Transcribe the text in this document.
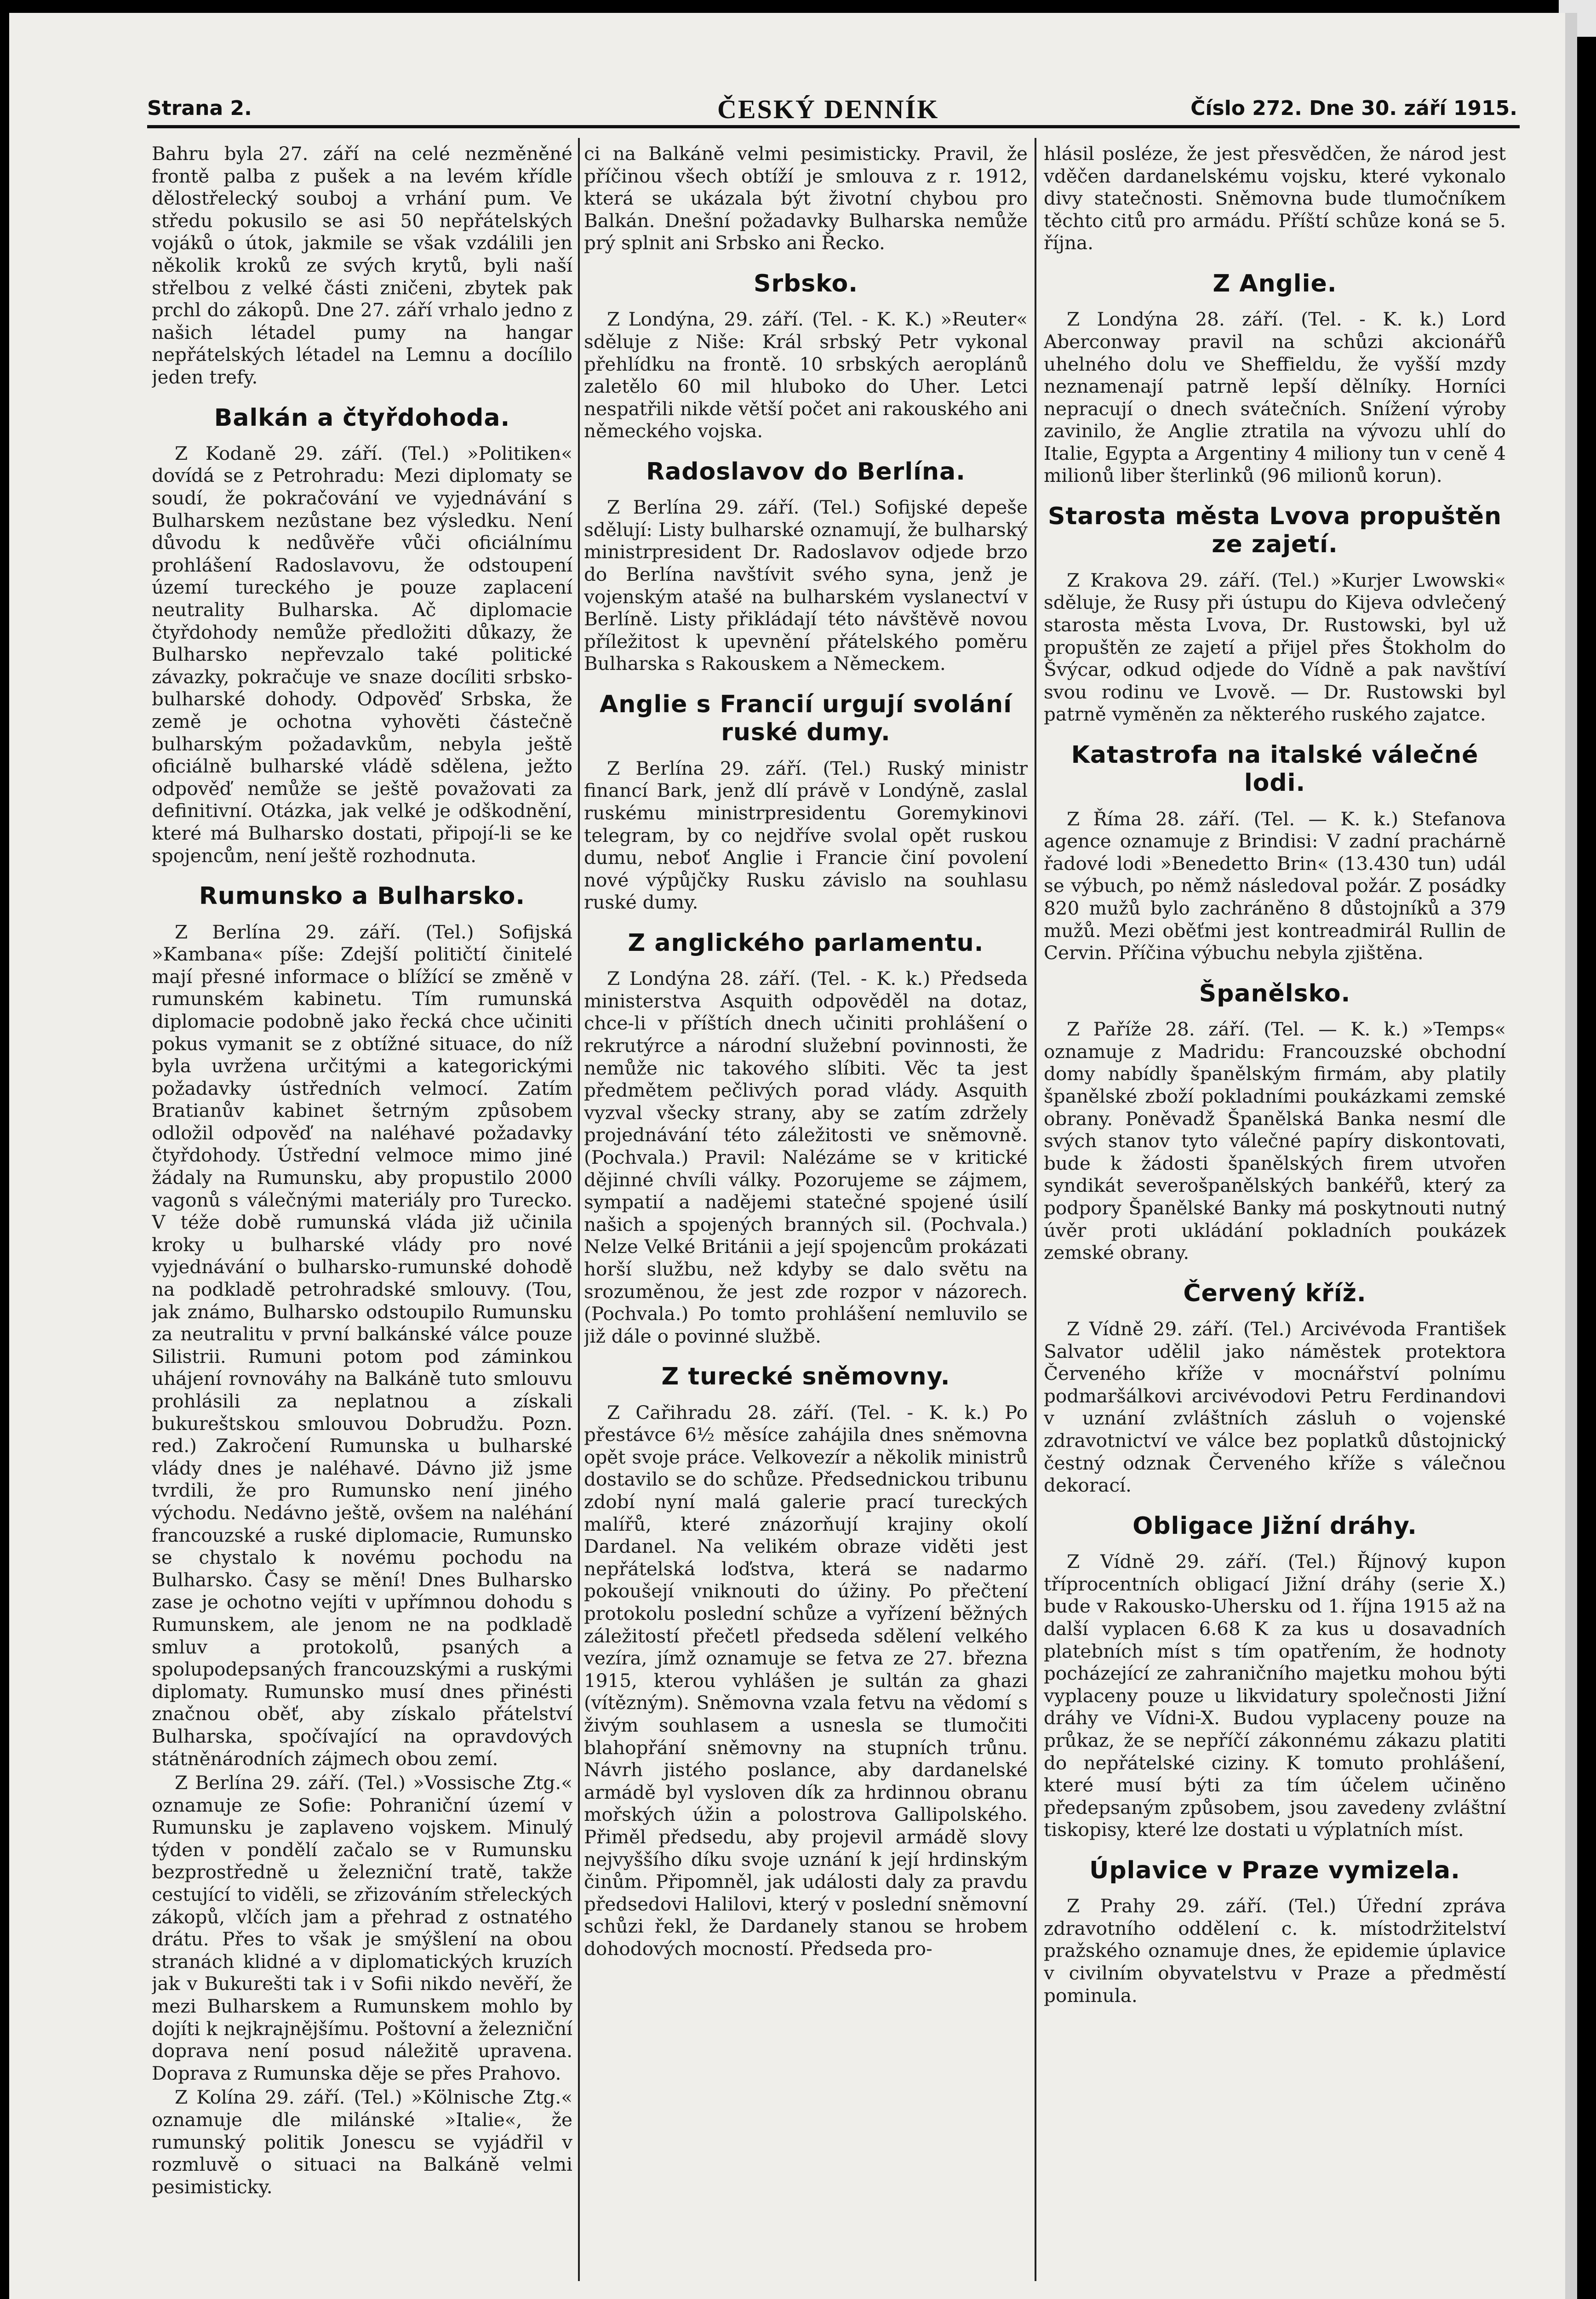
Strana 2.	ČESKÝ DENNÍK	Číslo 272. Dne 30. září 1915.

Bahru byla 27. září na celé nezměněné frontě palba z pušek a na levém křídle dělostřelecký souboj a vrhání pum. Ve středu pokusilo se asi 50 nepřátelských vojáků o útok, jakmile se však vzdálili jen několik kroků ze svých krytů, byli naší střelbou z velké části zničeni, zbytek pak prchl do zákopů. Dne 27. září vrhalo jedno z našich létadel pumy na hangar nepřátelských létadel na Lemnu a docílilo jeden trefy.

Balkán a čtyřdohoda.

Z Kodaně 29. září. (Tel.) »Politiken« dovídá se z Petrohradu: Mezi diplomaty se soudí, že pokračování ve vyjednávání s Bulharskem nezůstane bez výsledku. Není důvodu k nedůvěře vůči oficiálnímu prohlášení Radoslavovu, že odstoupení území tureckého je pouze zaplacení neutrality Bulharska. Ač diplomacie čtyřdohody nemůže předložiti důkazy, že Bulharsko nepřevzalo také politické závazky, pokračuje ve snaze docíliti srbsko-bulharské dohody. Odpověď Srbska, že země je ochotna vyhověti částečně bulharským požadavkům, nebyla ještě oficiálně bulharské vládě sdělena, ježto odpověď nemůže se ještě považovati za definitivní. Otázka, jak velké je odškodnění, které má Bulharsko dostati, připojí-li se ke spojencům, není ještě rozhodnuta.

Rumunsko a Bulharsko.

Z Berlína 29. září. (Tel.) Sofijská »Kambana« píše: Zdejší političtí činitelé mají přesné informace o blížící se změně v rumunském kabinetu. Tím rumunská diplomacie podobně jako řecká chce učiniti pokus vymanit se z obtížné situace, do níž byla uvržena určitými a kategorickými požadavky ústředních velmocí. Zatím Bratianův kabinet šetrným způsobem odložil odpověď na naléhavé požadavky čtyřdohody. Ústřední velmoce mimo jiné žádaly na Rumunsku, aby propustilo 2000 vagonů s válečnými materiály pro Turecko. V téže době rumunská vláda již učinila kroky u bulharské vlády pro nové vyjednávání o bulharsko-rumunské dohodě na podkladě petrohradské smlouvy. (Tou, jak známo, Bulharsko odstoupilo Rumunsku za neutralitu v první balkánské válce pouze Silistrii. Rumuni potom pod záminkou uhájení rovnováhy na Balkáně tuto smlouvu prohlásili za neplatnou a získali bukureštskou smlouvou Dobrudžu. Pozn. red.) Zakročení Rumunska u bulharské vlády dnes je naléhavé. Dávno již jsme tvrdili, že pro Rumunsko není jiného východu. Nedávno ještě, ovšem na naléhání francouzské a ruské diplomacie, Rumunsko se chystalo k novému pochodu na Bulharsko. Časy se mění! Dnes Bulharsko zase je ochotno vejíti v upřímnou dohodu s Rumunskem, ale jenom ne na podkladě smluv a protokolů, psaných a spolupodepsaných francouzskými a ruskými diplomaty. Rumunsko musí dnes přinésti značnou oběť, aby získalo přátelství Bulharska, spočívající na opravdových státněnárodních zájmech obou zemí.

Z Berlína 29. září. (Tel.) »Vossische Ztg.« oznamuje ze Sofie: Pohraniční území v Rumunsku je zaplaveno vojskem. Minulý týden v pondělí začalo se v Rumunsku bezprostředně u železniční tratě, takže cestující to viděli, se zřizováním střeleckých zákopů, vlčích jam a přehrad z ostnatého drátu. Přes to však je smýšlení na obou stranách klidné a v diplomatických kruzích jak v Bukurešti tak i v Sofii nikdo nevěří, že mezi Bulharskem a Rumunskem mohlo by dojíti k nejkrajnějšímu. Poštovní a železniční doprava není posud náležitě upravena. Doprava z Rumunska děje se přes Prahovo.

Z Kolína 29. září. (Tel.) »Kölnische Ztg.« oznamuje dle milánské »Italie«, že rumunský politik Jonescu se vyjádřil v rozmluvě o situaci na Balkáně velmi pesimisticky.

ci na Balkáně velmi pesimisticky. Pravil, že příčinou všech obtíží je smlouva z r. 1912, která se ukázala být životní chybou pro Balkán. Dnešní požadavky Bulharska nemůže prý splnit ani Srbsko ani Řecko.

Srbsko.

Z Londýna, 29. září. (Tel. - K. K.) »Reuter« sděluje z Niše: Král srbský Petr vykonal přehlídku na frontě. 10 srbských aeroplánů zaletělo 60 mil hluboko do Uher. Letci nespatřili nikde větší počet ani rakouského ani německého vojska.

Radoslavov do Berlína.

Z Berlína 29. září. (Tel.) Sofijské depeše sdělují: Listy bulharské oznamují, že bulharský ministrpresident Dr. Radoslavov odjede brzo do Berlína navštívit svého syna, jenž je vojenským atašé na bulharském vyslanectví v Berlíně. Listy přikládají této návštěvě novou příležitost k upevnění přátelského poměru Bulharska s Rakouskem a Německem.

Anglie s Francií urgují svolání ruské dumy.

Z Berlína 29. září. (Tel.) Ruský ministr financí Bark, jenž dlí právě v Londýně, zaslal ruskému ministrpresidentu Goremykinovi telegram, by co nejdříve svolal opět ruskou dumu, neboť Anglie i Francie činí povolení nové výpůjčky Rusku závislo na souhlasu ruské dumy.

Z anglického parlamentu.

Z Londýna 28. září. (Tel. - K. k.) Předseda ministerstva Asquith odpověděl na dotaz, chce-li v příštích dnech učiniti prohlášení o rekrutýrce a národní služební povinnosti, že nemůže nic takového slíbiti. Věc ta jest předmětem pečlivých porad vlády. Asquith vyzval všecky strany, aby se zatím zdržely projednávání této záležitosti ve sněmovně. (Pochvala.) Pravil: Nalézáme se v kritické dějinné chvíli války. Pozorujeme se zájmem, sympatií a nadějemi statečné spojené úsilí našich a spojených branných sil. (Pochvala.) Nelze Velké Británii a její spojencům prokázati horší službu, než kdyby se dalo světu na srozuměnou, že jest zde rozpor v názorech. (Pochvala.) Po tomto prohlášení nemluvilo se již dále o povinné službě.

Z turecké sněmovny.

Z Cařihradu 28. září. (Tel. - K. k.) Po přestávce 6½ měsíce zahájila dnes sněmovna opět svoje práce. Velkovezír a několik ministrů dostavilo se do schůze. Předsednickou tribunu zdobí nyní malá galerie prací tureckých malířů, které znázorňují krajiny okolí Dardanel. Na velikém obraze viděti jest nepřátelská loďstva, která se nadarmo pokoušejí vniknouti do úžiny. Po přečtení protokolu poslední schůze a vyřízení běžných záležitostí přečetl předseda sdělení velkého vezíra, jímž oznamuje se fetva ze 27. března 1915, kterou vyhlášen je sultán za ghazi (vítězným). Sněmovna vzala fetvu na vědomí s živým souhlasem a usnesla se tlumočiti blahopřání sněmovny na stupních trůnu. Návrh jistého poslance, aby dardanelské armádě byl vysloven dík za hrdinnou obranu mořských úžin a polostrova Gallipolského. Přiměl předsedu, aby projevil armádě slovy nejvyššího díku svoje uznání k její hrdinským činům. Připomněl, jak události daly za pravdu předsedovi Halilovi, který v poslední sněmovní schůzi řekl, že Dardanely stanou se hrobem dohodových mocností. Předseda pro-

hlásil posléze, že jest přesvědčen, že národ jest vděčen dardanelskému vojsku, které vykonalo divy statečnosti. Sněmovna bude tlumočníkem těchto citů pro armádu. Příští schůze koná se 5. října.

Z Anglie.

Z Londýna 28. září. (Tel. - K. k.) Lord Aberconway pravil na schůzi akcionářů uhelného dolu ve Sheffieldu, že vyšší mzdy neznamenají patrně lepší dělníky. Horníci nepracují o dnech svátečních. Snížení výroby zavinilo, že Anglie ztratila na vývozu uhlí do Italie, Egypta a Argentiny 4 miliony tun v ceně 4 milionů liber šterlinků (96 milionů korun).

Starosta města Lvova propuštěn ze zajetí.

Z Krakova 29. září. (Tel.) »Kurjer Lwowski« sděluje, že Rusy při ústupu do Kijeva odvlečený starosta města Lvova, Dr. Rustowski, byl už propuštěn ze zajetí a přijel přes Štokholm do Švýcar, odkud odjede do Vídně a pak navštíví svou rodinu ve Lvově. — Dr. Rustowski byl patrně vyměněn za některého ruského zajatce.

Katastrofa na italské válečné lodi.

Z Říma 28. září. (Tel. — K. k.) Stefanova agence oznamuje z Brindisi: V zadní prachárně řadové lodi »Benedetto Brin« (13.430 tun) udál se výbuch, po němž následoval požár. Z posádky 820 mužů bylo zachráněno 8 důstojníků a 379 mužů. Mezi oběťmi jest kontreadmirál Rullin de Cervin. Příčina výbuchu nebyla zjištěna.

Španělsko.

Z Paříže 28. září. (Tel. — K. k.) »Temps« oznamuje z Madridu: Francouzské obchodní domy nabídly španělským firmám, aby platily španělské zboží pokladními poukázkami zemské obrany. Poněvadž Španělská Banka nesmí dle svých stanov tyto válečné papíry diskontovati, bude k žádosti španělských firem utvořen syndikát severošpanělských bankéřů, který za podpory Španělské Banky má poskytnouti nutný úvěr proti ukládání pokladních poukázek zemské obrany.

Červený kříž.

Z Vídně 29. září. (Tel.) Arcivévoda František Salvator udělil jako náměstek protektora Červeného kříže v mocnářství polnímu podmaršálkovi arcivévodovi Petru Ferdinandovi v uznání zvláštních zásluh o vojenské zdravotnictví ve válce bez poplatků důstojnický čestný odznak Červeného kříže s válečnou dekorací.

Obligace Jižní dráhy.

Z Vídně 29. září. (Tel.) Říjnový kupon tříprocentních obligací Jižní dráhy (serie X.) bude v Rakousko-Uhersku od 1. října 1915 až na další vyplacen 6.68 K za kus u dosavadních platebních míst s tím opatřením, že hodnoty pocházející ze zahraničního majetku mohou býti vyplaceny pouze u likvidatury společnosti Jižní dráhy ve Vídni-X. Budou vyplaceny pouze na průkaz, že se nepříčí zákonnému zákazu platiti do nepřátelské ciziny. K tomuto prohlášení, které musí býti za tím účelem učiněno předepsaným způsobem, jsou zavedeny zvláštní tiskopisy, které lze dostati u výplatních míst.

Úplavice v Praze vymizela.

Z Prahy 29. září. (Tel.) Úřední zpráva zdravotního oddělení c. k. místodržitelství pražského oznamuje dnes, že epidemie úplavice v civilním obyvatelstvu v Praze a předměstí pominula.
